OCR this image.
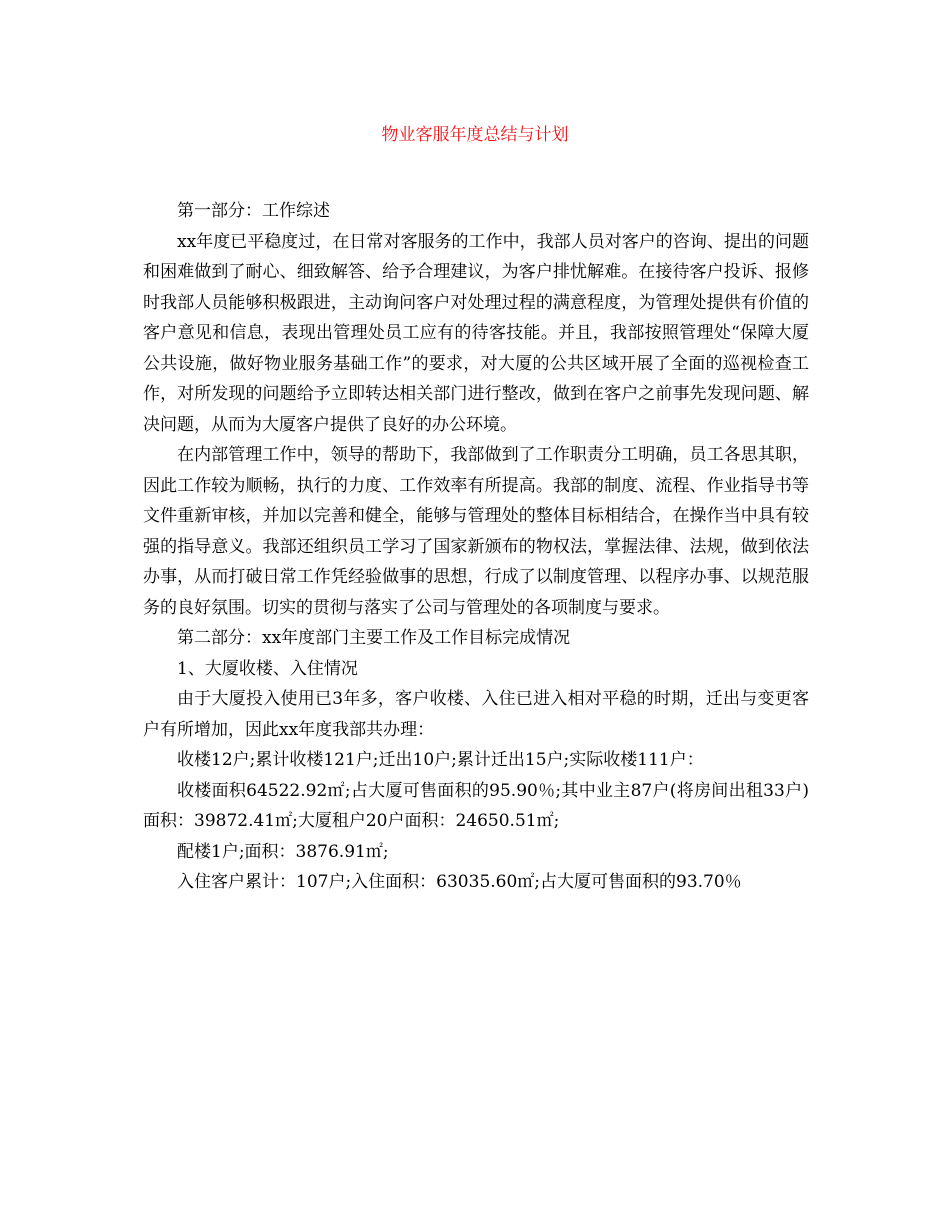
物业客服年度总结与计划

第一部分：工作综述

xx年度已平稳度过，在日常对客服务的工作中，我部人员对客户的咨询、提出的问题和困难做到了耐心、细致解答、给予合理建议，为客户排忧解难。在接待客户投诉、报修时我部人员能够积极跟进，主动询问客户对处理过程的满意程度，为管理处提供有价值的客户意见和信息，表现出管理处员工应有的待客技能。并且，我部按照管理处“保障大厦公共设施，做好物业服务基础工作”的要求，对大厦的公共区域开展了全面的巡视检查工作，对所发现的问题给予立即转达相关部门进行整改，做到在客户之前事先发现问题、解决问题，从而为大厦客户提供了良好的办公环境。

在内部管理工作中，领导的帮助下，我部做到了工作职责分工明确，员工各思其职，因此工作较为顺畅，执行的力度、工作效率有所提高。我部的制度、流程、作业指导书等文件重新审核，并加以完善和健全，能够与管理处的整体目标相结合，在操作当中具有较强的指导意义。我部还组织员工学习了国家新颁布的物权法，掌握法律、法规，做到依法办事，从而打破日常工作凭经验做事的思想，行成了以制度管理、以程序办事、以规范服务的良好氛围。切实的贯彻与落实了公司与管理处的各项制度与要求。

第二部分：xx年度部门主要工作及工作目标完成情况

1、大厦收楼、入住情况

由于大厦投入使用已3年多，客户收楼、入住已进入相对平稳的时期，迁出与变更客户有所增加，因此xx年度我部共办理：

收楼12户;累计收楼121户;迁出10户;累计迁出15户;实际收楼111户：

收楼面积64522.92㎡;占大厦可售面积的95.90％;其中业主87户(将房间出租33户)面积：39872.41㎡;大厦租户20户面积：24650.51㎡;

配楼1户;面积：3876.91㎡;

入住客户累计：107户;入住面积：63035.60㎡;占大厦可售面积的93.70％
